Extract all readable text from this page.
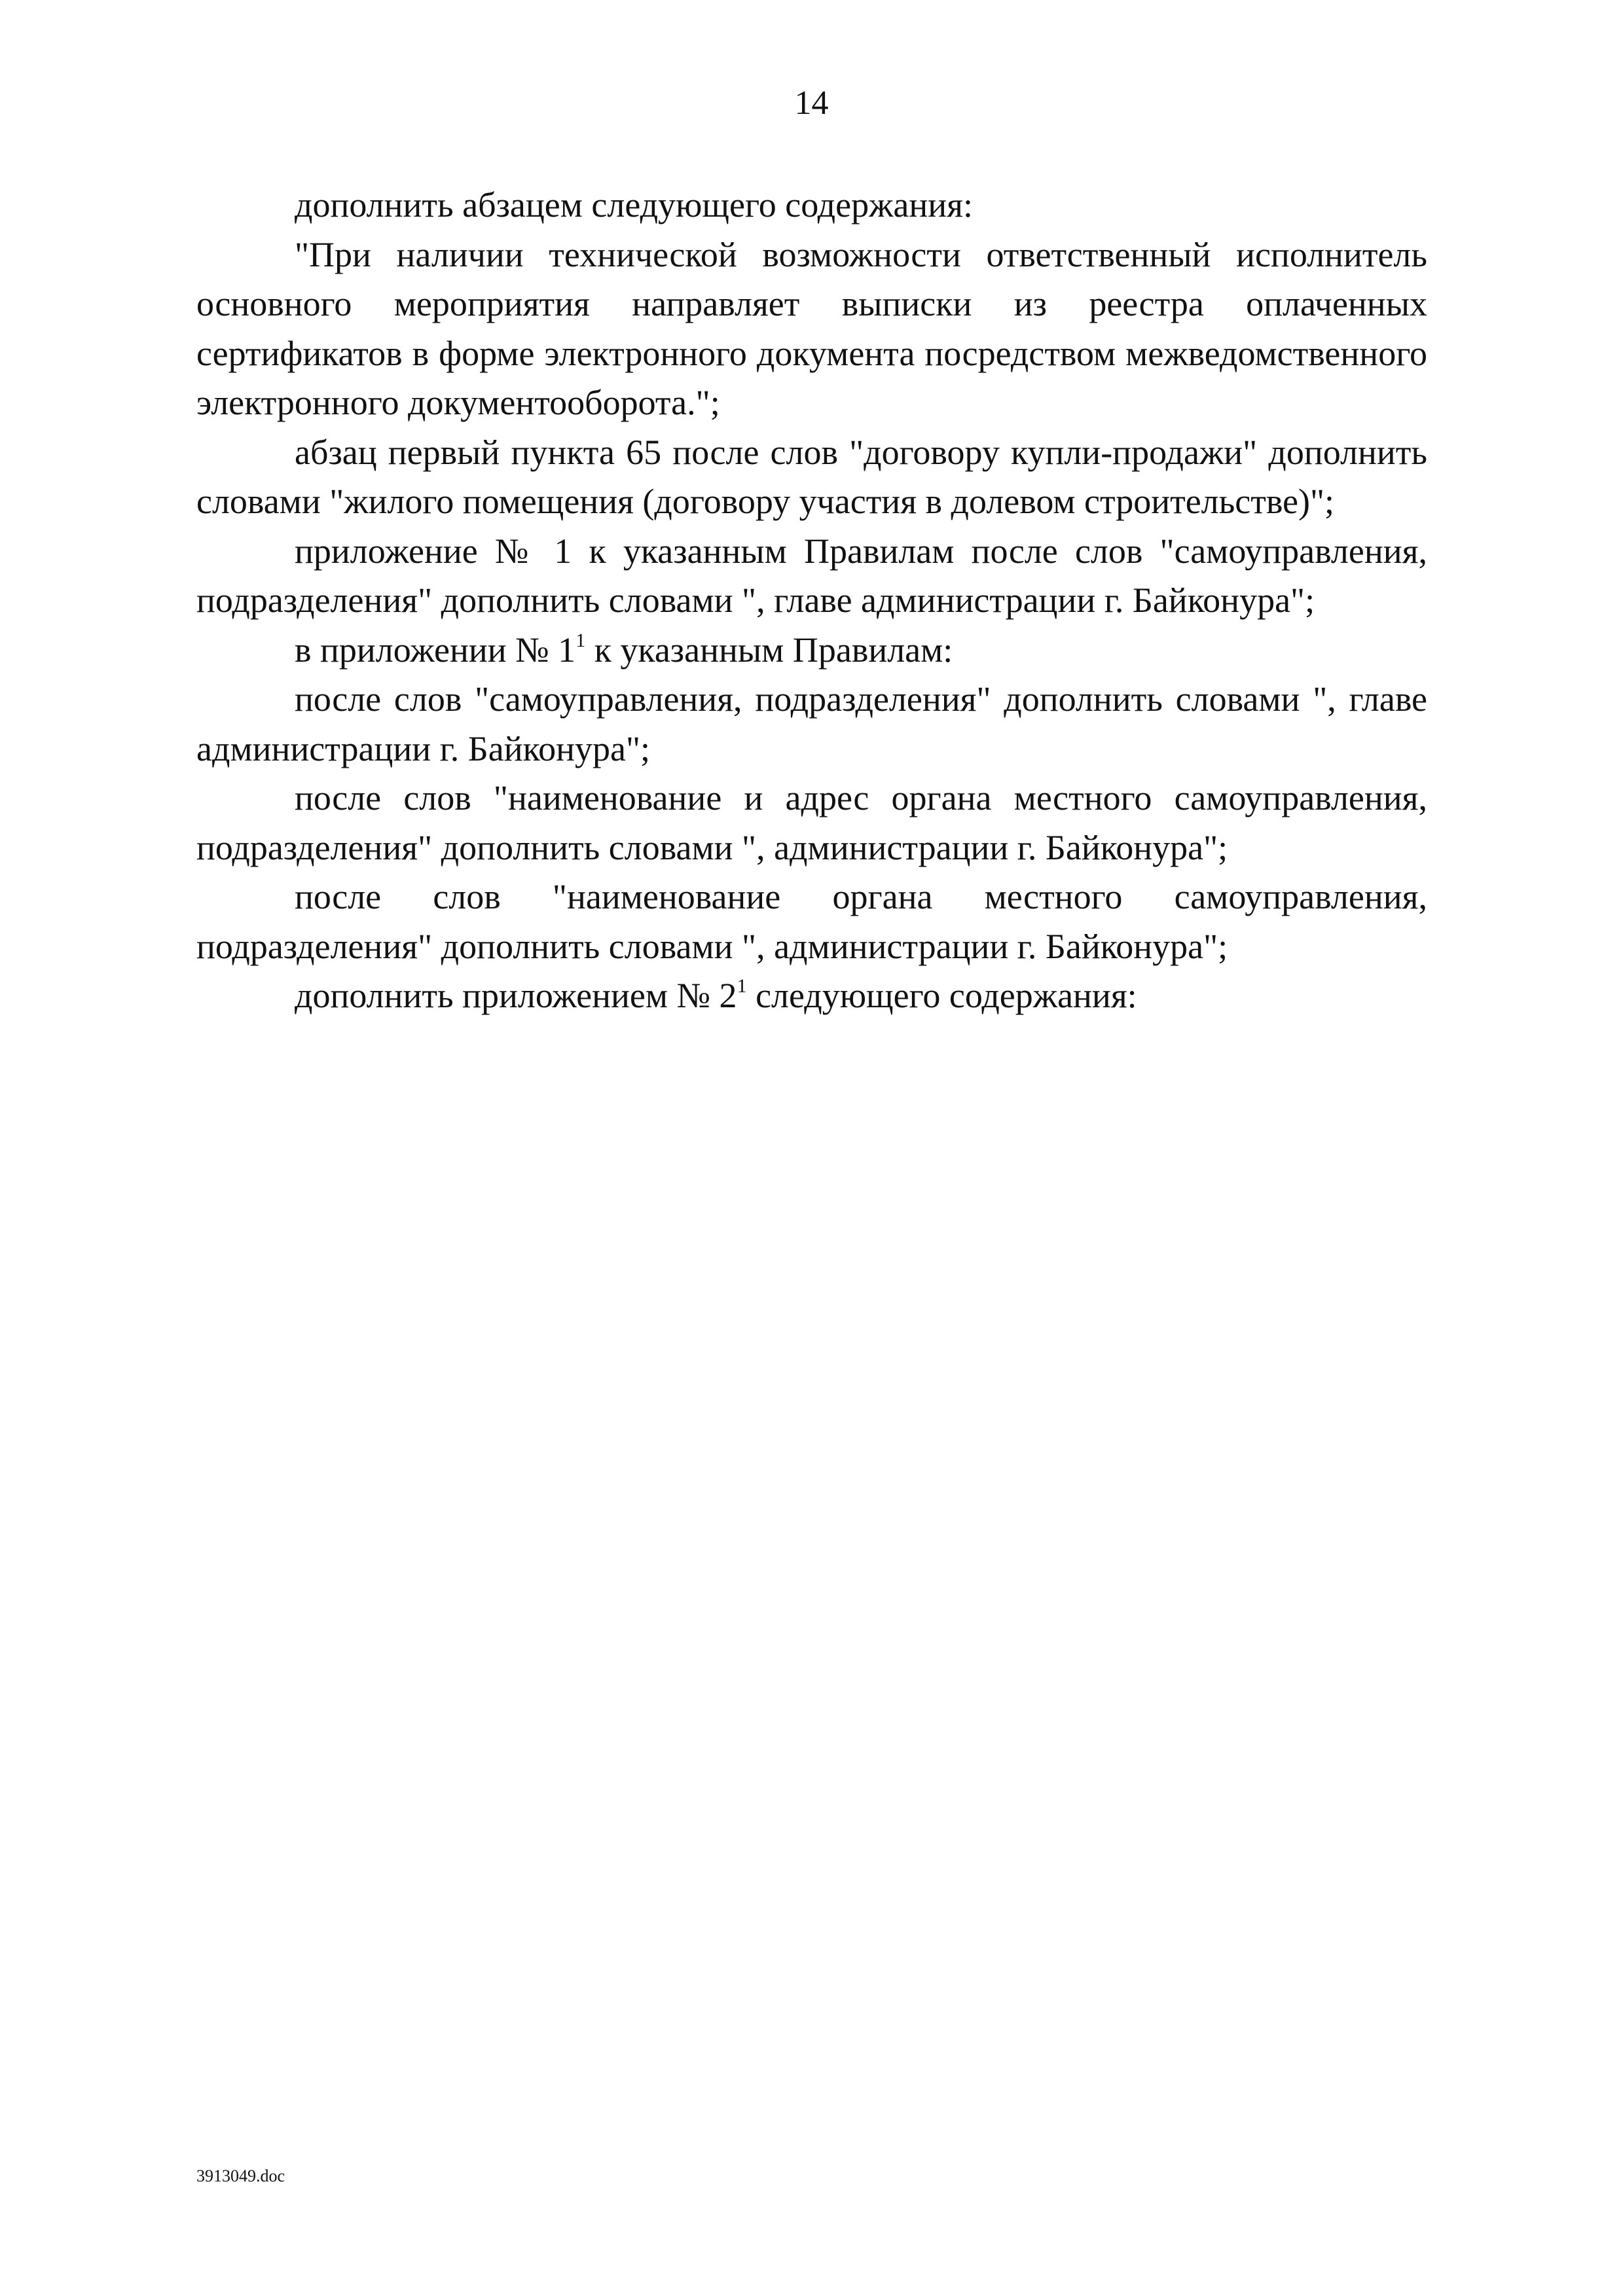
14

дополнить абзацем следующего содержания:

"При наличии технической возможности ответственный исполнитель основного мероприятия направляет выписки из реестра оплаченных сертификатов в форме электронного документа посредством межведомственного электронного документооборота.";

абзац первый пункта 65 после слов "договору купли-продажи" дополнить словами "жилого помещения (договору участия в долевом строительстве)";

приложение № 1 к указанным Правилам после слов "самоуправления, подразделения" дополнить словами ", главе администрации г. Байконура";

в приложении № $1^1$ к указанным Правилам:

после слов "самоуправления, подразделения" дополнить словами ", главе администрации г. Байконура";

после слов "наименование и адрес органа местного самоуправления, подразделения" дополнить словами ", администрации г. Байконура";

после слов "наименование органа местного самоуправления, подразделения" дополнить словами ", администрации г. Байконура";

дополнить приложением № $2^1$ следующего содержания:

3913049.doc
